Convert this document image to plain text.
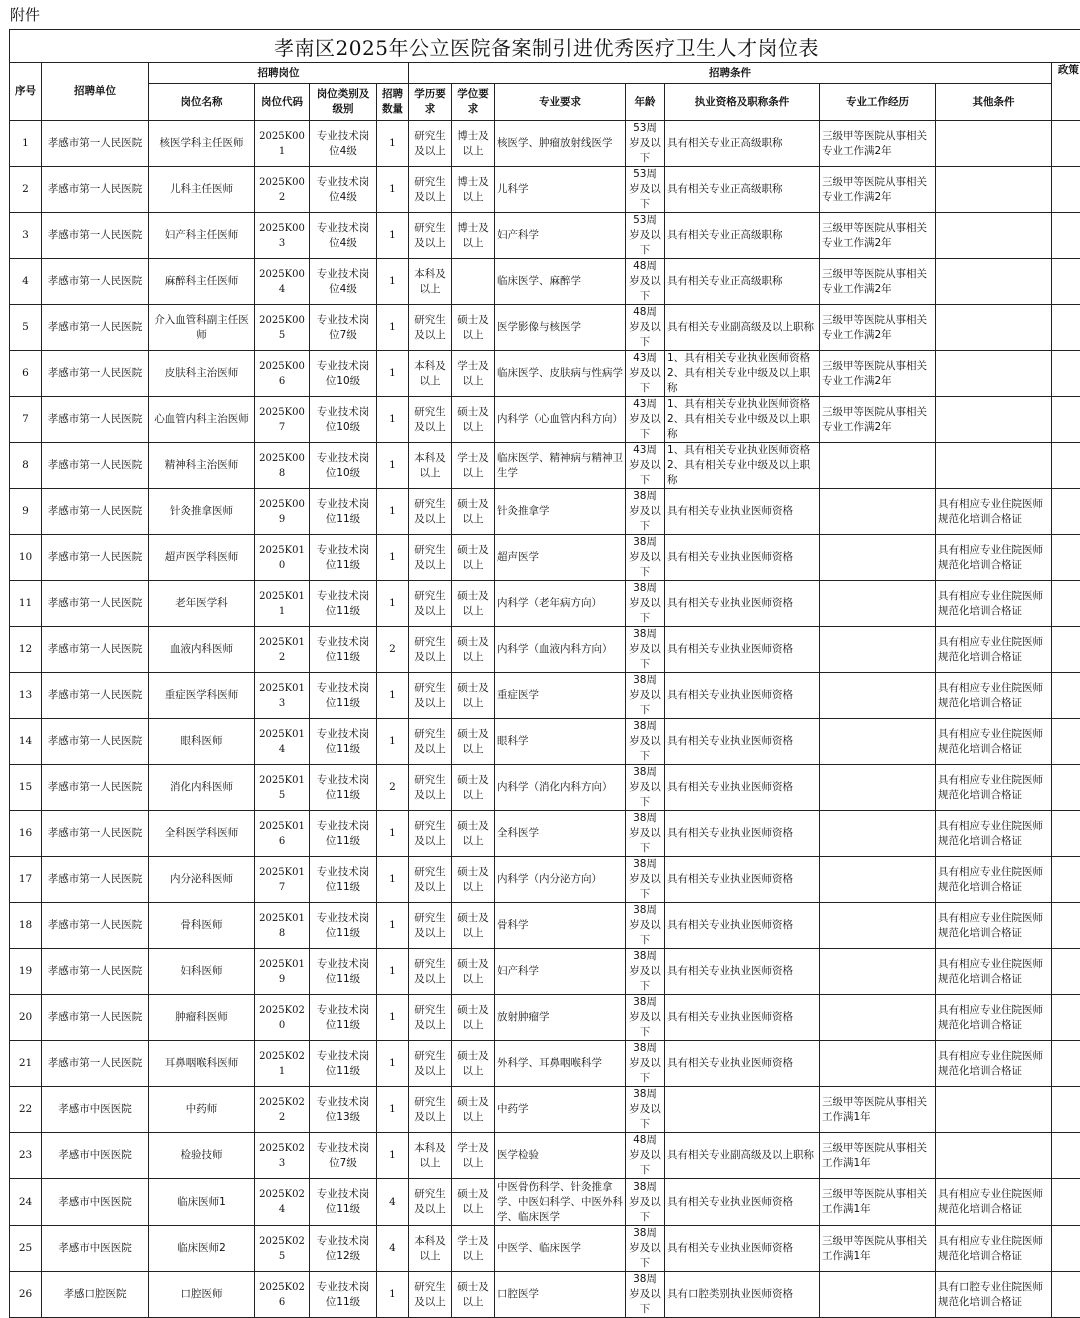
附件
孝南区2025年公立医院备案制引进优秀医疗卫生人才岗位表
序号	招聘单位	招聘岗位				招聘条件							政策
		岗位名称	岗位代码	岗位类别及级别	招聘数量	学历要求	学位要求	专业要求	年龄	执业资格及职称条件	专业工作经历	其他条件	
1	孝感市第一人民医院	核医学科主任医师	2025K001	专业技术岗位4级	1	研究生及以上	博士及以上	核医学、肿瘤放射线医学	53周岁及以下	具有相关专业正高级职称	三级甲等医院从事相关专业工作满2年		
2	孝感市第一人民医院	儿科主任医师	2025K002	专业技术岗位4级	1	研究生及以上	博士及以上	儿科学	53周岁及以下	具有相关专业正高级职称	三级甲等医院从事相关专业工作满2年		
3	孝感市第一人民医院	妇产科主任医师	2025K003	专业技术岗位4级	1	研究生及以上	博士及以上	妇产科学	53周岁及以下	具有相关专业正高级职称	三级甲等医院从事相关专业工作满2年		
4	孝感市第一人民医院	麻醉科主任医师	2025K004	专业技术岗位4级	1	本科及以上		临床医学、麻醉学	48周岁及以下	具有相关专业正高级职称	三级甲等医院从事相关专业工作满2年		
5	孝感市第一人民医院	介入血管科副主任医师	2025K005	专业技术岗位7级	1	研究生及以上	硕士及以上	医学影像与核医学	48周岁及以下	具有相关专业副高级及以上职称	三级甲等医院从事相关专业工作满2年		
6	孝感市第一人民医院	皮肤科主治医师	2025K006	专业技术岗位10级	1	本科及以上	学士及以上	临床医学、皮肤病与性病学	43周岁及以下	1、具有相关专业执业医师资格 2、具有相关专业中级及以上职称	三级甲等医院从事相关专业工作满2年		
7	孝感市第一人民医院	心血管内科主治医师	2025K007	专业技术岗位10级	1	研究生及以上	硕士及以上	内科学（心血管内科方向）	43周岁及以下	1、具有相关专业执业医师资格 2、具有相关专业中级及以上职称	三级甲等医院从事相关专业工作满2年		
8	孝感市第一人民医院	精神科主治医师	2025K008	专业技术岗位10级	1	本科及以上	学士及以上	临床医学、精神病与精神卫生学	43周岁及以下	1、具有相关专业执业医师资格 2、具有相关专业中级及以上职称			
9	孝感市第一人民医院	针灸推拿医师	2025K009	专业技术岗位11级	1	研究生及以上	硕士及以上	针灸推拿学	38周岁及以下	具有相关专业执业医师资格		具有相应专业住院医师规范化培训合格证	
10	孝感市第一人民医院	超声医学科医师	2025K010	专业技术岗位11级	1	研究生及以上	硕士及以上	超声医学	38周岁及以下	具有相关专业执业医师资格		具有相应专业住院医师规范化培训合格证	
11	孝感市第一人民医院	老年医学科	2025K011	专业技术岗位11级	1	研究生及以上	硕士及以上	内科学（老年病方向）	38周岁及以下	具有相关专业执业医师资格		具有相应专业住院医师规范化培训合格证	
12	孝感市第一人民医院	血液内科医师	2025K012	专业技术岗位11级	2	研究生及以上	硕士及以上	内科学（血液内科方向）	38周岁及以下	具有相关专业执业医师资格		具有相应专业住院医师规范化培训合格证	
13	孝感市第一人民医院	重症医学科医师	2025K013	专业技术岗位11级	1	研究生及以上	硕士及以上	重症医学	38周岁及以下	具有相关专业执业医师资格		具有相应专业住院医师规范化培训合格证	
14	孝感市第一人民医院	眼科医师	2025K014	专业技术岗位11级	1	研究生及以上	硕士及以上	眼科学	38周岁及以下	具有相关专业执业医师资格		具有相应专业住院医师规范化培训合格证	
15	孝感市第一人民医院	消化内科医师	2025K015	专业技术岗位11级	2	研究生及以上	硕士及以上	内科学（消化内科方向）	38周岁及以下	具有相关专业执业医师资格		具有相应专业住院医师规范化培训合格证	
16	孝感市第一人民医院	全科医学科医师	2025K016	专业技术岗位11级	1	研究生及以上	硕士及以上	全科医学	38周岁及以下	具有相关专业执业医师资格		具有相应专业住院医师规范化培训合格证	
17	孝感市第一人民医院	内分泌科医师	2025K017	专业技术岗位11级	1	研究生及以上	硕士及以上	内科学（内分泌方向）	38周岁及以下	具有相关专业执业医师资格		具有相应专业住院医师规范化培训合格证	
18	孝感市第一人民医院	骨科医师	2025K018	专业技术岗位11级	1	研究生及以上	硕士及以上	骨科学	38周岁及以下	具有相关专业执业医师资格		具有相应专业住院医师规范化培训合格证	
19	孝感市第一人民医院	妇科医师	2025K019	专业技术岗位11级	1	研究生及以上	硕士及以上	妇产科学	38周岁及以下	具有相关专业执业医师资格		具有相应专业住院医师规范化培训合格证	
20	孝感市第一人民医院	肿瘤科医师	2025K020	专业技术岗位11级	1	研究生及以上	硕士及以上	放射肿瘤学	38周岁及以下	具有相关专业执业医师资格		具有相应专业住院医师规范化培训合格证	
21	孝感市第一人民医院	耳鼻咽喉科医师	2025K021	专业技术岗位11级	1	研究生及以上	硕士及以上	外科学、耳鼻咽喉科学	38周岁及以下	具有相关专业执业医师资格		具有相应专业住院医师规范化培训合格证	
22	孝感市中医医院	中药师	2025K022	专业技术岗位13级	1	研究生及以上	硕士及以上	中药学	38周岁及以下		三级甲等医院从事相关工作满1年		
23	孝感市中医医院	检验技师	2025K023	专业技术岗位7级	1	本科及以上	学士及以上	医学检验	48周岁及以下	具有相关专业副高级及以上职称	三级甲等医院从事相关工作满1年		
24	孝感市中医医院	临床医师1	2025K024	专业技术岗位11级	4	研究生及以上	硕士及以上	中医骨伤科学、针灸推拿学、中医妇科学、中医外科学、临床医学	38周岁及以下	具有相关专业执业医师资格	三级甲等医院从事相关工作满1年	具有相应专业住院医师规范化培训合格证	
25	孝感市中医医院	临床医师2	2025K025	专业技术岗位12级	4	本科及以上	学士及以上	中医学、临床医学	38周岁及以下	具有相关专业执业医师资格	三级甲等医院从事相关工作满1年	具有相应专业住院医师规范化培训合格证	
26	孝感口腔医院	口腔医师	2025K026	专业技术岗位11级	1	研究生及以上	硕士及以上	口腔医学	38周岁及以下	具有口腔类别执业医师资格		具有口腔专业住院医师规范化培训合格证	
